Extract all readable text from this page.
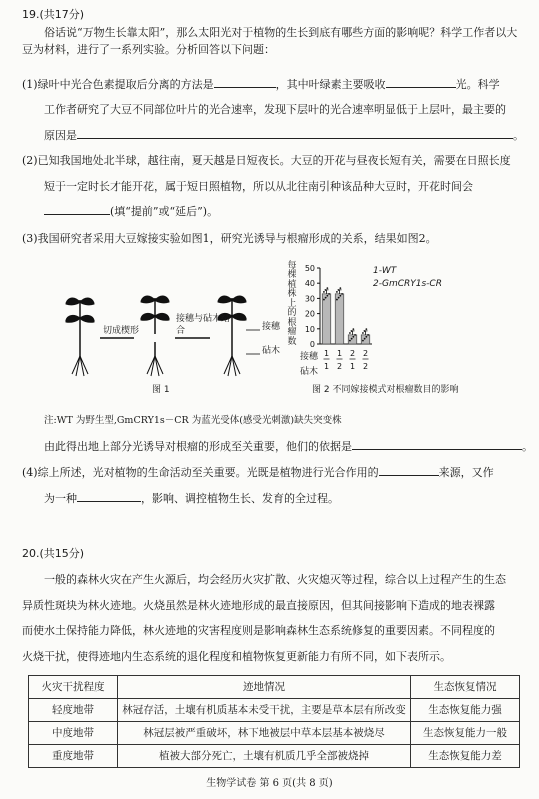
19.(共17分)

俗话说“万物生长靠太阳”，那么太阳光对于植物的生长到底有哪些方面的影响呢？科学工作者以大豆为材料，进行了一系列实验。分析回答以下问题：

(1)绿叶中光合色素提取后分离的方法是	，其中叶绿素主要吸收	光。科学
工作者研究了大豆不同部位叶片的光合速率，发现下层叶的光合速率明显低于上层叶，最主要的
原因是	。
(2)已知我国地处北半球，越往南，夏天越是日短夜长。大豆的开花与昼夜长短有关，需要在日照长度
短于一定时长才能开花，属于短日照植物，所以从北往南引种该品种大豆时，开花时间会
(填“提前”或“延后”)。
(3)我国研究者采用大豆嫁接实验如图1，研究光诱导与根瘤形成的关系，结果如图2。
切成楔形
接穗与砧木结合	接穗
砧木
图 1
每棵植株上的根瘤数 0
10
20
30
40
50
1
1
1
2
2
1
2
2
1-WT
2-GmCRY1s-CR
接穗
砧木
图 2 不同嫁接模式对根瘤数目的影响
注:WT 为野生型,GmCRY1s－CR 为蓝光受体(感受光刺激)缺失突变株
由此得出地上部分光诱导对根瘤的形成至关重要，他们的依据是	。
(4)综上所述，光对植物的生命活动至关重要。光既是植物进行光合作用的	来源，又作
为一种	，影响、调控植物生长、发育的全过程。
20.(共15分)
一般的森林火灾在产生火源后，均会经历火灾扩散、火灾熄灭等过程，综合以上过程产生的生态
异质性斑块为林火迹地。火烧虽然是林火迹地形成的最直接原因，但其间接影响下造成的地表裸露
而使水土保持能力降低，林火迹地的灾害程度则是影响森林生态系统修复的重要因素。不同程度的
火烧干扰，使得迹地内生态系统的退化程度和植物恢复更新能力有所不同，如下表所示。
火灾干扰程度	迹地情况	生态恢复情况
轻度地带	林冠存活，土壤有机质基本未受干扰，主要是草本层有所改变	生态恢复能力强
中度地带	林冠层被严重破坏，林下地被层中草本层基本被烧尽	生态恢复能力一般
重度地带	植被大部分死亡，土壤有机质几乎全部被烧掉	生态恢复能力差
生物学试卷 第 6 页(共 8 页)
